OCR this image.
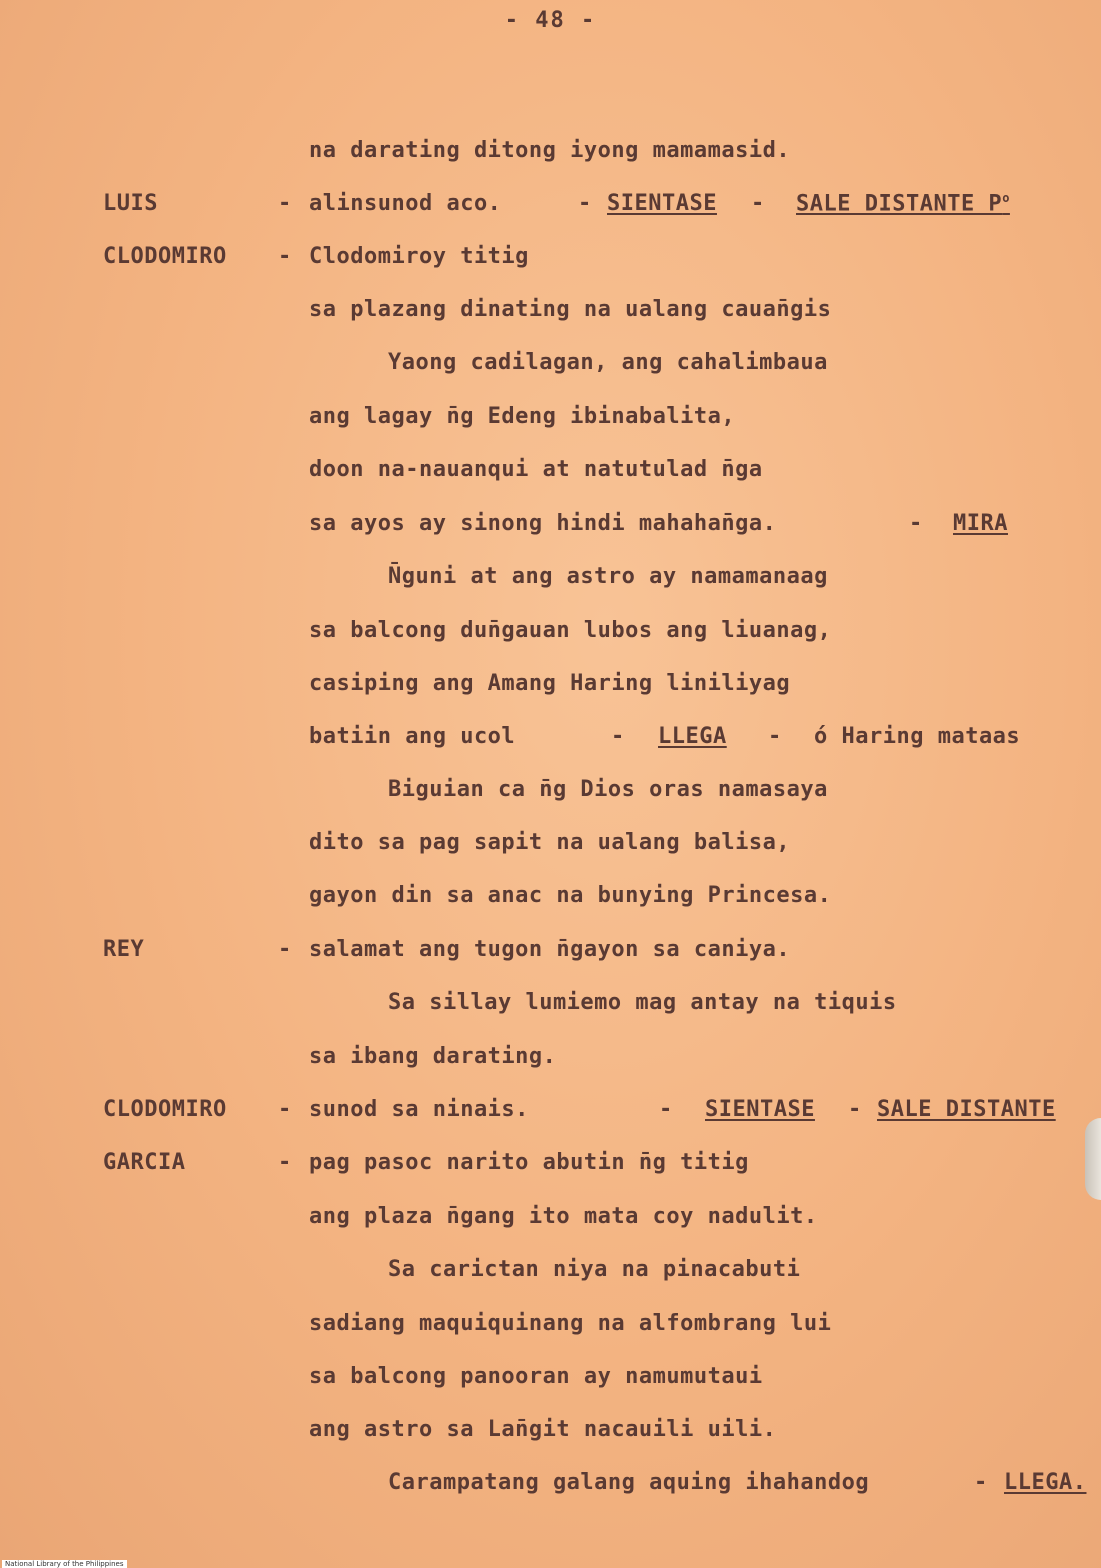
- 48 -
na darating ditong iyong mamamasid.
LUIS	- alinsunod aco.	- SIENTASE - SALE DISTANTE $P^o$
CLODOMIRO - Clodomiroy titig
sa plazang dinating na ualang cauan̄gis
Yaong cadilagan, ang cahalimbaua
ang lagay n̄g Edeng ibinabalita,
doon na-nauanqui at natutulad n̄ga
sa ayos ay sinong hindi mahahan̄ga.	- MIRA
N̄guni at ang astro ay namamanaag
sa balcong dun̄gauan lubos ang liuanag,
casiping ang Amang Haring liniliyag
batiin ang ucol	- LLEGA - ó Haring mataas
Biguian ca n̄g Dios oras namasaya
dito sa pag sapit na ualang balisa,
gayon din sa anac na bunying Princesa.
REY	- salamat ang tugon n̄gayon sa caniya.
Sa sillay lumiemo mag antay na tiquis
sa ibang darating.
CLODOMIRO - sunod sa ninais.	- SIENTASE - SALE DISTANTE
GARCIA	- pag pasoc narito abutin n̄g titig
ang plaza n̄gang ito mata coy nadulit.
Sa carictan niya na pinacabuti
sadiang maquiquinang na alfombrang lui
sa balcong panooran ay namumutaui
ang astro sa Lan̄git nacauili uili.
Carampatang galang aquing ihahandog	- LLEGA.
National Library of the Philippines
